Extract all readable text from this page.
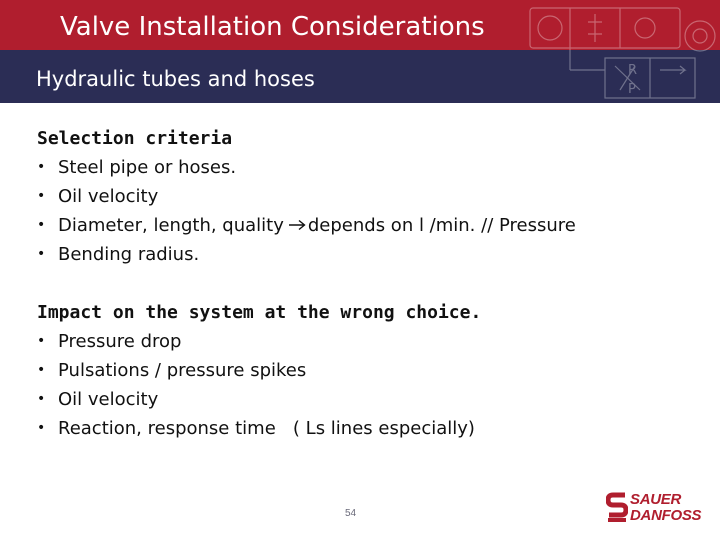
Valve Installation Considerations
Hydraulic tubes and hoses	R
P
Selection criteria
• Steel pipe or hoses.
• Oil velocity
• Diameter, length, quality depends on l /min. // Pressure
• Bending radius.
Impact on the system at the wrong choice.
• Pressure drop
• Pulsations / pressure spikes
• Oil velocity
• Reaction, response time   ( Ls lines especially)
54
SAUER
DANFOSS
